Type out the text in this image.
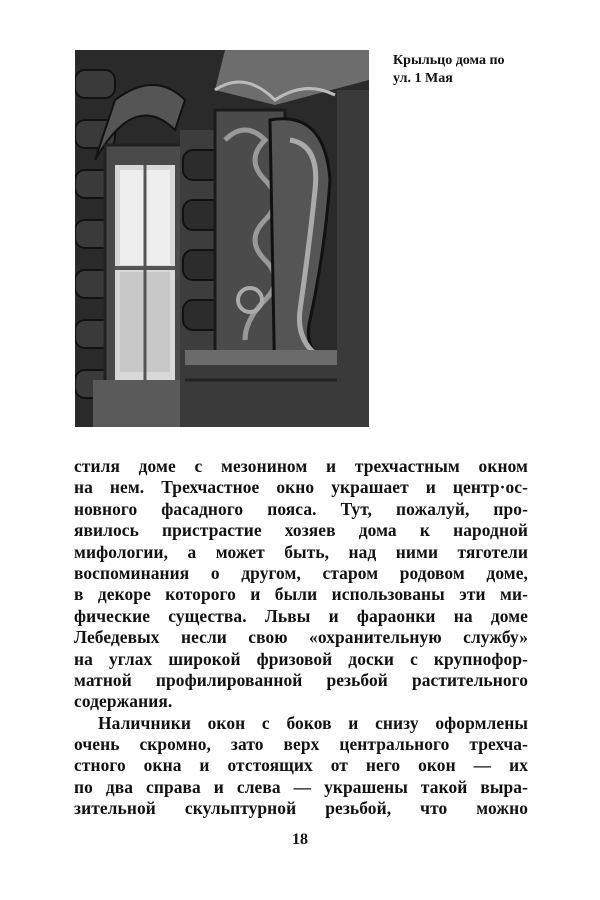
Крыльцо дома по
ул. 1 Мая
стиля доме с мезонином и трехчастным окном
на нем. Трехчастное окно украшает и центр·ос-
новного фасадного пояса. Тут, пожалуй, про-
явилось пристрастие хозяев дома к народной
мифологии, а может быть, над ними тяготели
воспоминания о другом, старом родовом доме,
в декоре которого и были использованы эти ми-
фические существа. Львы и фараонки на доме
Лебедевых несли свою «охранительную службу»
на углах широкой фризовой доски с крупнофор-
матной профилированной резьбой растительного
содержания.
Наличники окон с боков и снизу оформлены
очень скромно, зато верх центрального трехча-
стного окна и отстоящих от него окон — их
по два справа и слева — украшены такой выра-
зительной скульптурной резьбой, что можно
18
